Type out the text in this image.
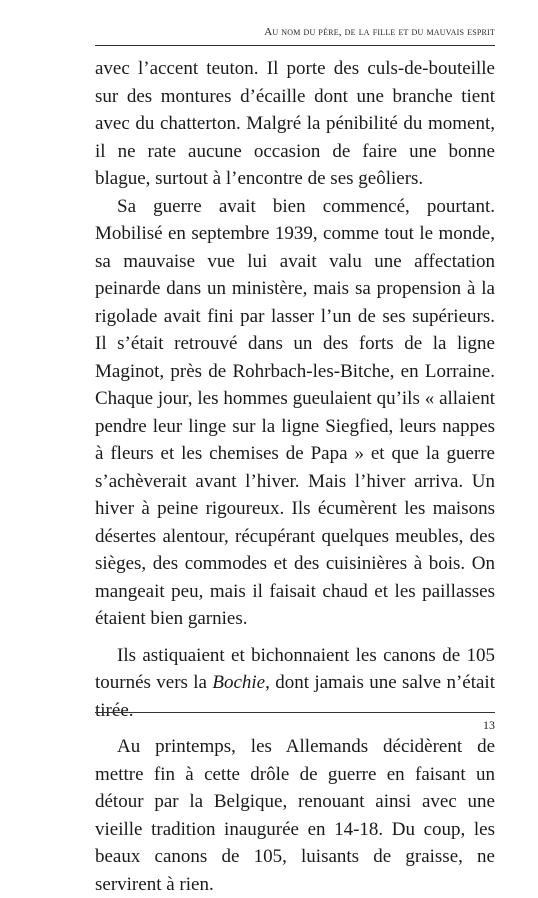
Au nom du père, de la fille et du mauvais esprit

avec l’accent teuton. Il porte des culs-de-bouteille sur des montures d’écaille dont une branche tient avec du chatterton. Malgré la pénibilité du moment, il ne rate aucune occasion de faire une bonne blague, surtout à l’encontre de ses geôliers.

Sa guerre avait bien commencé, pourtant. Mobilisé en septembre 1939, comme tout le monde, sa mauvaise vue lui avait valu une affectation peinarde dans un ministère, mais sa propension à la rigolade avait fini par lasser l’un de ses supérieurs. Il s’était retrouvé dans un des forts de la ligne Maginot, près de Rohrbach-les-Bitche, en Lorraine. Chaque jour, les hommes gueulaient qu’ils « allaient pendre leur linge sur la ligne Siegfied, leurs nappes à fleurs et les chemises de Papa » et que la guerre s’achèverait avant l’hiver. Mais l’hiver arriva. Un hiver à peine rigoureux. Ils écumèrent les maisons désertes alentour, récupérant quelques meubles, des sièges, des commodes et des cuisinières à bois. On mangeait peu, mais il faisait chaud et les paillasses étaient bien garnies.

Ils astiquaient et bichonnaient les canons de 105 tournés vers la Bochie, dont jamais une salve n’était tirée.

Au printemps, les Allemands décidèrent de mettre fin à cette drôle de guerre en faisant un détour par la Belgique, renouant ainsi avec une vieille tradition inaugurée en 14-18. Du coup, les beaux canons de 105, luisants de graisse, ne servirent à rien.

13
